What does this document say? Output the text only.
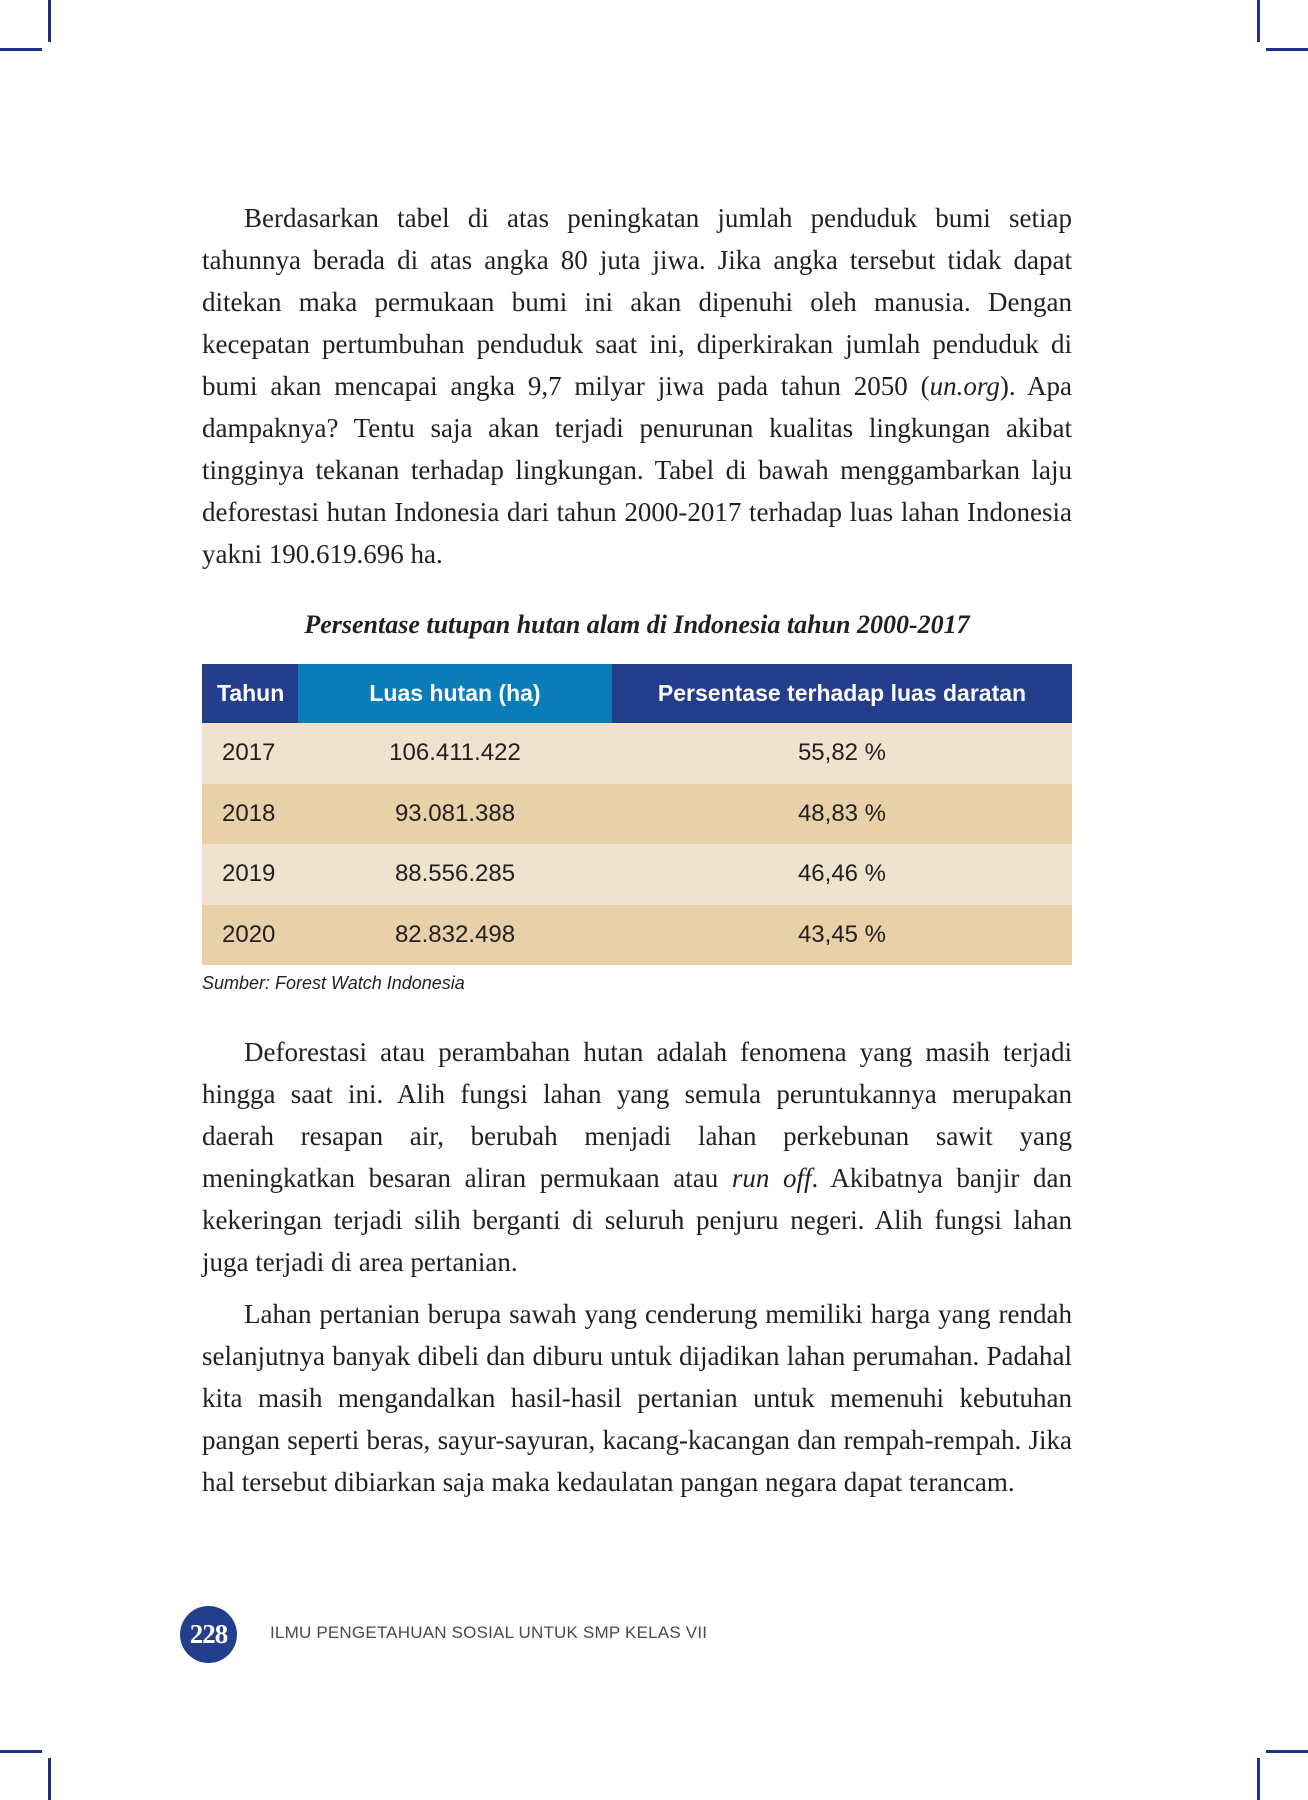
Berdasarkan tabel di atas peningkatan jumlah penduduk bumi setiap tahunnya berada di atas angka 80 juta jiwa. Jika angka tersebut tidak dapat ditekan maka permukaan bumi ini akan dipenuhi oleh manusia. Dengan kecepatan pertumbuhan penduduk saat ini, diperkirakan jumlah penduduk di bumi akan mencapai angka 9,7 milyar jiwa pada tahun 2050 (un.org). Apa dampaknya? Tentu saja akan terjadi penurunan kualitas lingkungan akibat tingginya tekanan terhadap lingkungan. Tabel di bawah menggambarkan laju deforestasi hutan Indonesia dari tahun 2000-2017 terhadap luas lahan Indonesia yakni 190.619.696 ha.

Persentase tutupan hutan alam di Indonesia tahun 2000-2017
Tahun	Luas hutan (ha)	Persentase terhadap luas daratan
2017	106.411.422	55,82 %
2018	93.081.388	48,83 %
2019	88.556.285	46,46 %
2020	82.832.498	43,45 %
Sumber: Forest Watch Indonesia

Deforestasi atau perambahan hutan adalah fenomena yang masih terjadi hingga saat ini. Alih fungsi lahan yang semula peruntukannya merupakan daerah resapan air, berubah menjadi lahan perkebunan sawit yang meningkatkan besaran aliran permukaan atau run off. Akibatnya banjir dan kekeringan terjadi silih berganti di seluruh penjuru negeri. Alih fungsi lahan juga terjadi di area pertanian.

Lahan pertanian berupa sawah yang cenderung memiliki harga yang rendah selanjutnya banyak dibeli dan diburu untuk dijadikan lahan perumahan. Padahal kita masih mengandalkan hasil-hasil pertanian untuk memenuhi kebutuhan pangan seperti beras, sayur-sayuran, kacang-kacangan dan rempah-rempah. Jika hal tersebut dibiarkan saja maka kedaulatan pangan negara dapat terancam.

228	ILMU PENGETAHUAN SOSIAL UNTUK SMP KELAS VII
